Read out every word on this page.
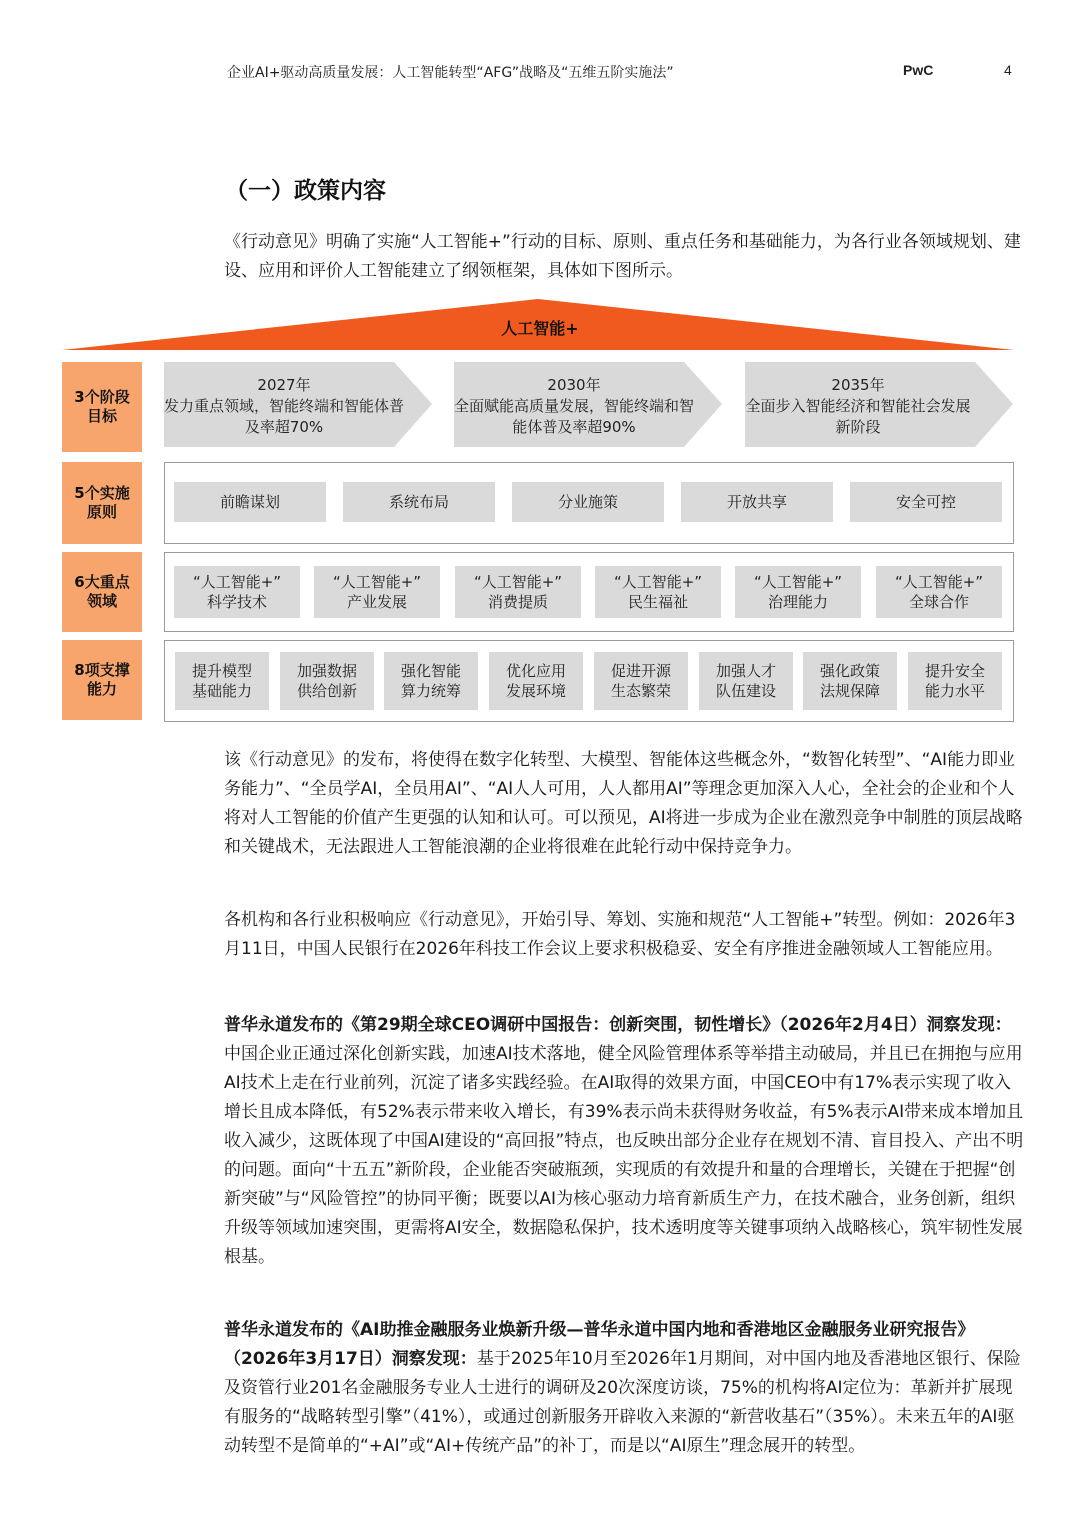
企业AI+驱动高质量发展：人工智能转型“AFG”战略及“五维五阶实施法”	PwC	4
（一）政策内容

《行动意见》明确了实施“人工智能+”行动的目标、原则、重点任务和基础能力，为各行业各领域规划、建设、应用和评价人工智能建立了纲领框架，具体如下图所示。

人工智能+
3个阶段目标
5个实施原则
6大重点领域
8项支撑能力
2027年
发力重点领域，智能终端和智能体普及率超70%
2030年
全面赋能高质量发展，智能终端和智能体普及率超90%
2035年
全面步入智能经济和智能社会发展新阶段
前瞻谋划	系统布局	分业施策	开放共享	安全可控
“人工智能+”
科学技术
“人工智能+”
产业发展
“人工智能+”
消费提质
“人工智能+”
民生福祉
“人工智能+”
治理能力
“人工智能+”
全球合作
提升模型
基础能力
加强数据
供给创新
强化智能
算力统筹
优化应用
发展环境
促进开源
生态繁荣
加强人才
队伍建设
强化政策
法规保障
提升安全
能力水平

该《行动意见》的发布，将使得在数字化转型、大模型、智能体这些概念外，“数智化转型”、“AI能力即业务能力”、“全员学AI，全员用AI”、“AI人人可用，人人都用AI”等理念更加深入人心，全社会的企业和个人将对人工智能的价值产生更强的认知和认可。可以预见，AI将进一步成为企业在激烈竞争中制胜的顶层战略和关键战术，无法跟进人工智能浪潮的企业将很难在此轮行动中保持竞争力。

各机构和各行业积极响应《行动意见》，开始引导、筹划、实施和规范“人工智能+”转型。例如：2026年3月11日，中国人民银行在2026年科技工作会议上要求积极稳妥、安全有序推进金融领域人工智能应用。

普华永道发布的《第29期全球CEO调研中国报告：创新突围，韧性增长》（2026年2月4日）洞察发现：中国企业正通过深化创新实践，加速AI技术落地，健全风险管理体系等举措主动破局，并且已在拥抱与应用AI技术上走在行业前列，沉淀了诸多实践经验。在AI取得的效果方面，中国CEO中有17%表示实现了收入增长且成本降低，有52%表示带来收入增长，有39%表示尚未获得财务收益，有5%表示AI带来成本增加且收入减少，这既体现了中国AI建设的“高回报”特点，也反映出部分企业存在规划不清、盲目投入、产出不明的问题。面向“十五五”新阶段，企业能否突破瓶颈，实现质的有效提升和量的合理增长，关键在于把握“创新突破”与“风险管控”的协同平衡；既要以AI为核心驱动力培育新质生产力，在技术融合，业务创新，组织升级等领域加速突围，更需将AI安全，数据隐私保护，技术透明度等关键事项纳入战略核心，筑牢韧性发展根基。

普华永道发布的《AI助推金融服务业焕新升级—普华永道中国内地和香港地区金融服务业研究报告》（2026年3月17日）洞察发现：基于2025年10月至2026年1月期间，对中国内地及香港地区银行、保险及资管行业201名金融服务专业人士进行的调研及20次深度访谈，75%的机构将AI定位为：革新并扩展现有服务的“战略转型引擎”（41%），或通过创新服务开辟收入来源的“新营收基石”（35%）。未来五年的AI驱动转型不是简单的“+AI”或“AI+传统产品”的补丁，而是以“AI原生”理念展开的转型。
